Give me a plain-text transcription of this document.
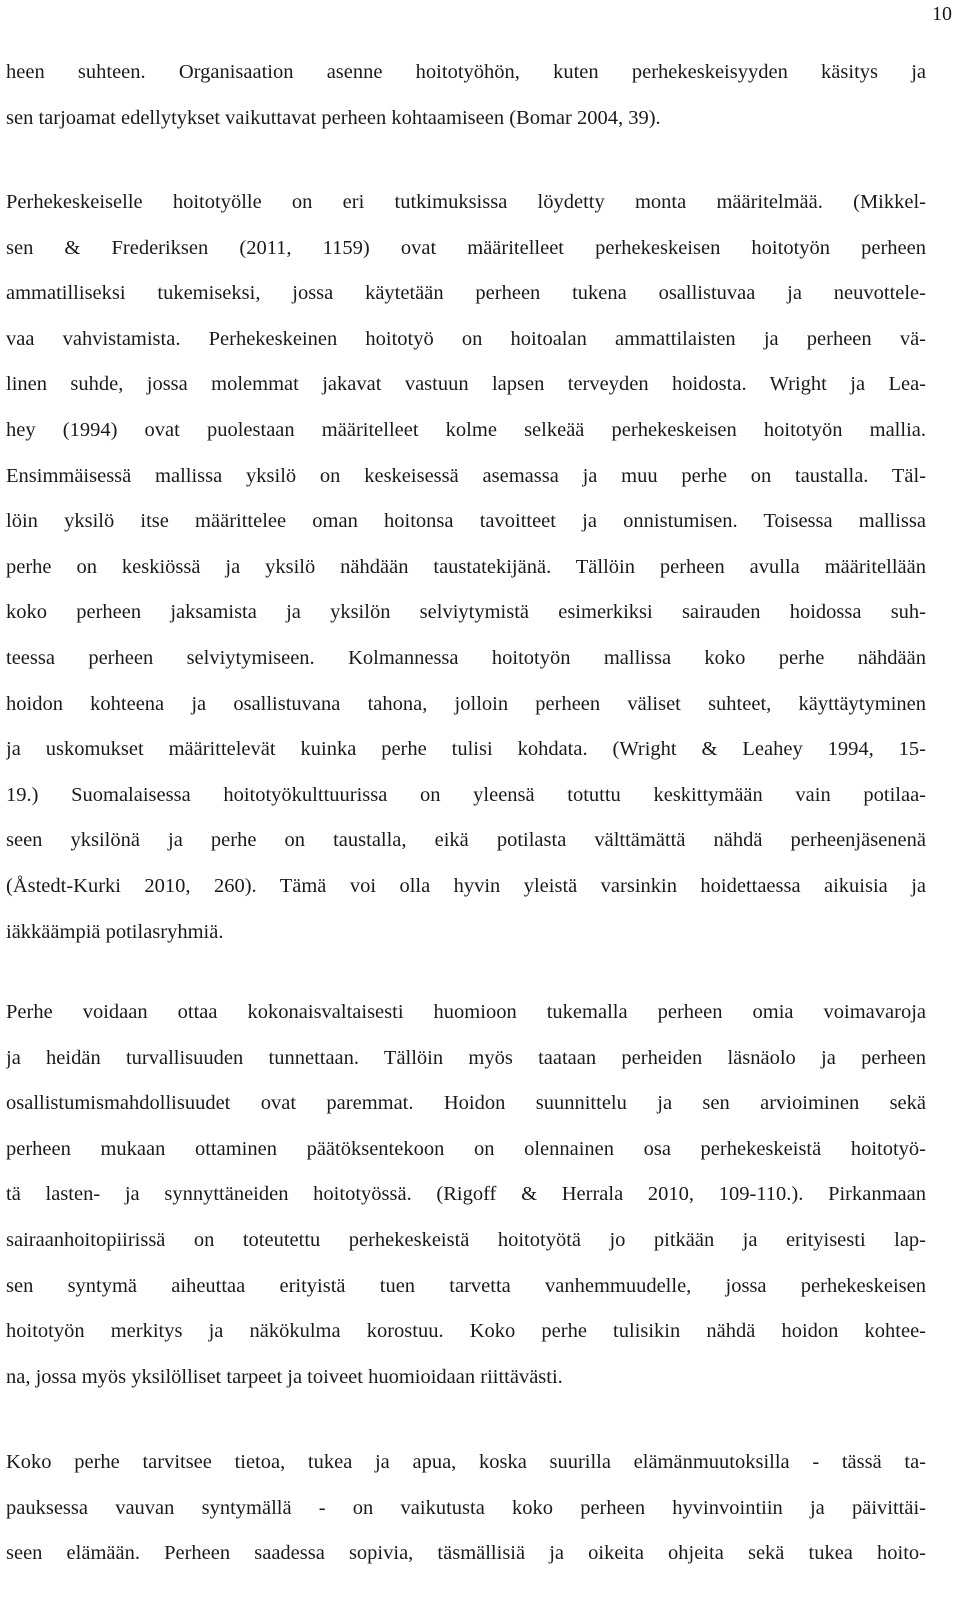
10
heen suhteen. Organisaation asenne hoitotyöhön, kuten perhekeskeisyyden käsitys ja
sen tarjoamat edellytykset vaikuttavat perheen kohtaamiseen (Bomar 2004, 39).
Perhekeskeiselle hoitotyölle on eri tutkimuksissa löydetty monta määritelmää. (Mikkel-
sen & Frederiksen (2011, 1159) ovat määritelleet perhekeskeisen hoitotyön perheen
ammatilliseksi tukemiseksi, jossa käytetään perheen tukena osallistuvaa ja neuvottele-
vaa vahvistamista. Perhekeskeinen hoitotyö on hoitoalan ammattilaisten ja perheen vä-
linen suhde, jossa molemmat jakavat vastuun lapsen terveyden hoidosta. Wright ja Lea-
hey (1994) ovat puolestaan määritelleet kolme selkeää perhekeskeisen hoitotyön mallia.
Ensimmäisessä mallissa yksilö on keskeisessä asemassa ja muu perhe on taustalla. Täl-
löin yksilö itse määrittelee oman hoitonsa tavoitteet ja onnistumisen. Toisessa mallissa
perhe on keskiössä ja yksilö nähdään taustatekijänä. Tällöin perheen avulla määritellään
koko perheen jaksamista ja yksilön selviytymistä esimerkiksi sairauden hoidossa suh-
teessa perheen selviytymiseen. Kolmannessa hoitotyön mallissa koko perhe nähdään
hoidon kohteena ja osallistuvana tahona, jolloin perheen väliset suhteet, käyttäytyminen
ja uskomukset määrittelevät kuinka perhe tulisi kohdata. (Wright & Leahey 1994, 15-
19.) Suomalaisessa hoitotyökulttuurissa on yleensä totuttu keskittymään vain potilaa-
seen yksilönä ja perhe on taustalla, eikä potilasta välttämättä nähdä perheenjäsenenä
(Åstedt-Kurki 2010, 260). Tämä voi olla hyvin yleistä varsinkin hoidettaessa aikuisia ja
iäkkäämpiä potilasryhmiä.
Perhe voidaan ottaa kokonaisvaltaisesti huomioon tukemalla perheen omia voimavaroja
ja heidän turvallisuuden tunnettaan. Tällöin myös taataan perheiden läsnäolo ja perheen
osallistumismahdollisuudet ovat paremmat. Hoidon suunnittelu ja sen arvioiminen sekä
perheen mukaan ottaminen päätöksentekoon on olennainen osa perhekeskeistä hoitotyö-
tä lasten- ja synnyttäneiden hoitotyössä. (Rigoff & Herrala 2010, 109-110.). Pirkanmaan
sairaanhoitopiirissä on toteutettu perhekeskeistä hoitotyötä jo pitkään ja erityisesti lap-
sen syntymä aiheuttaa erityistä tuen tarvetta vanhemmuudelle, jossa perhekeskeisen
hoitotyön merkitys ja näkökulma korostuu. Koko perhe tulisikin nähdä hoidon kohtee-
na, jossa myös yksilölliset tarpeet ja toiveet huomioidaan riittävästi.
Koko perhe tarvitsee tietoa, tukea ja apua, koska suurilla elämänmuutoksilla - tässä ta-
pauksessa vauvan syntymällä - on vaikutusta koko perheen hyvinvointiin ja päivittäi-
seen elämään. Perheen saadessa sopivia, täsmällisiä ja oikeita ohjeita sekä tukea hoito-
